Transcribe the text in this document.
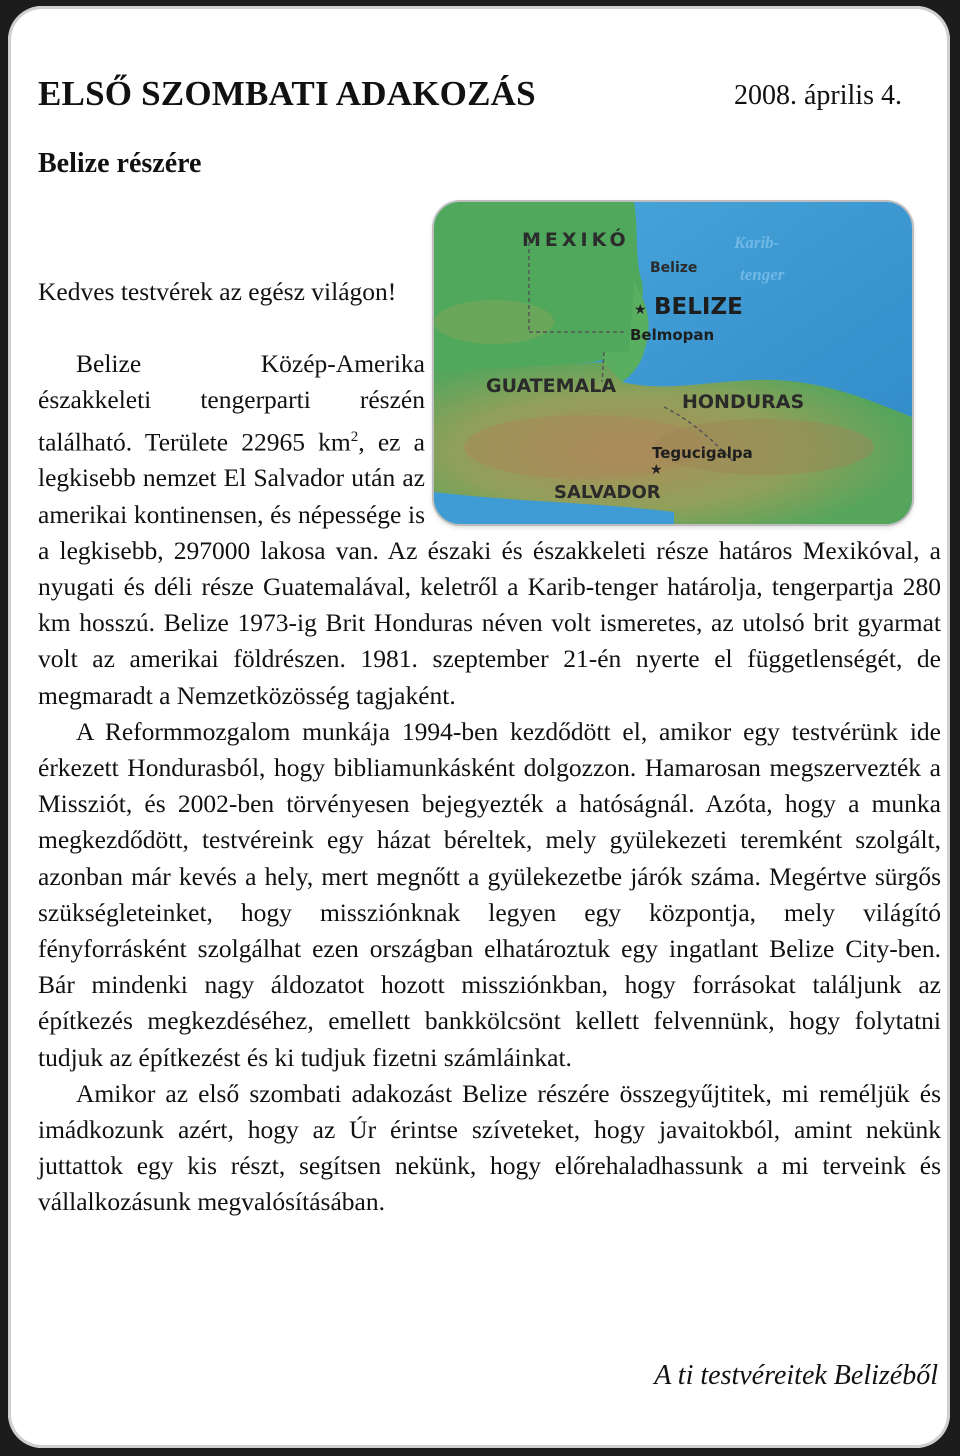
ELSŐ SZOMBATI ADAKOZÁS	2008. április 4.
Belize részére
MEXIKÓ	Karib-
tenger
Belize
★ BELIZE
Belmopan
GUATEMALA
HONDURAS
Tegucigalpa
★
SALVADOR

Kedves testvérek az egész világon!

Belize Közép-Amerika északkeleti tengerparti részén található. Területe 22965 $km^2$, ez a legkisebb nemzet El Salvador után az amerikai kontinensen, és népessége is a legkisebb, 297000 lakosa van. Az északi és északkeleti része határos Mexikóval, a nyugati és déli része Guatemalával, keletről a Karib-tenger határolja, tengerpartja 280 km hosszú. Belize 1973-ig Brit Honduras néven volt ismeretes, az utolsó brit gyarmat volt az amerikai földrészen. 1981. szeptember 21-én nyerte el függetlenségét, de megmaradt a Nemzetközösség tagjaként.

A Reformmozgalom munkája 1994-ben kezdődött el, amikor egy testvérünk ide érkezett Hondurasból, hogy bibliamunkásként dolgozzon. Hamarosan megszervezték a Missziót, és 2002-ben törvényesen bejegyezték a hatóságnál. Azóta, hogy a munka megkezdődött, testvéreink egy házat béreltek, mely gyülekezeti teremként szolgált, azonban már kevés a hely, mert megnőtt a gyülekezetbe járók száma. Megértve sürgős szükségleteinket, hogy missziónknak legyen egy központja, mely világító fényforrásként szolgálhat ezen országban elhatároztuk egy ingatlant Belize City-ben. Bár mindenki nagy áldozatot hozott missziónkban, hogy forrásokat találjunk az építkezés megkezdéséhez, emellett bankkölcsönt kellett felvennünk, hogy folytatni tudjuk az építkezést és ki tudjuk fizetni számláinkat.

Amikor az első szombati adakozást Belize részére összegyűjtitek, mi reméljük és imádkozunk azért, hogy az Úr érintse szíveteket, hogy javaitokból, amint nekünk juttattok egy kis részt, segítsen nekünk, hogy előrehaladhassunk a mi terveink és vállalkozásunk megvalósításában.

A ti testvéreitek Belizéből
